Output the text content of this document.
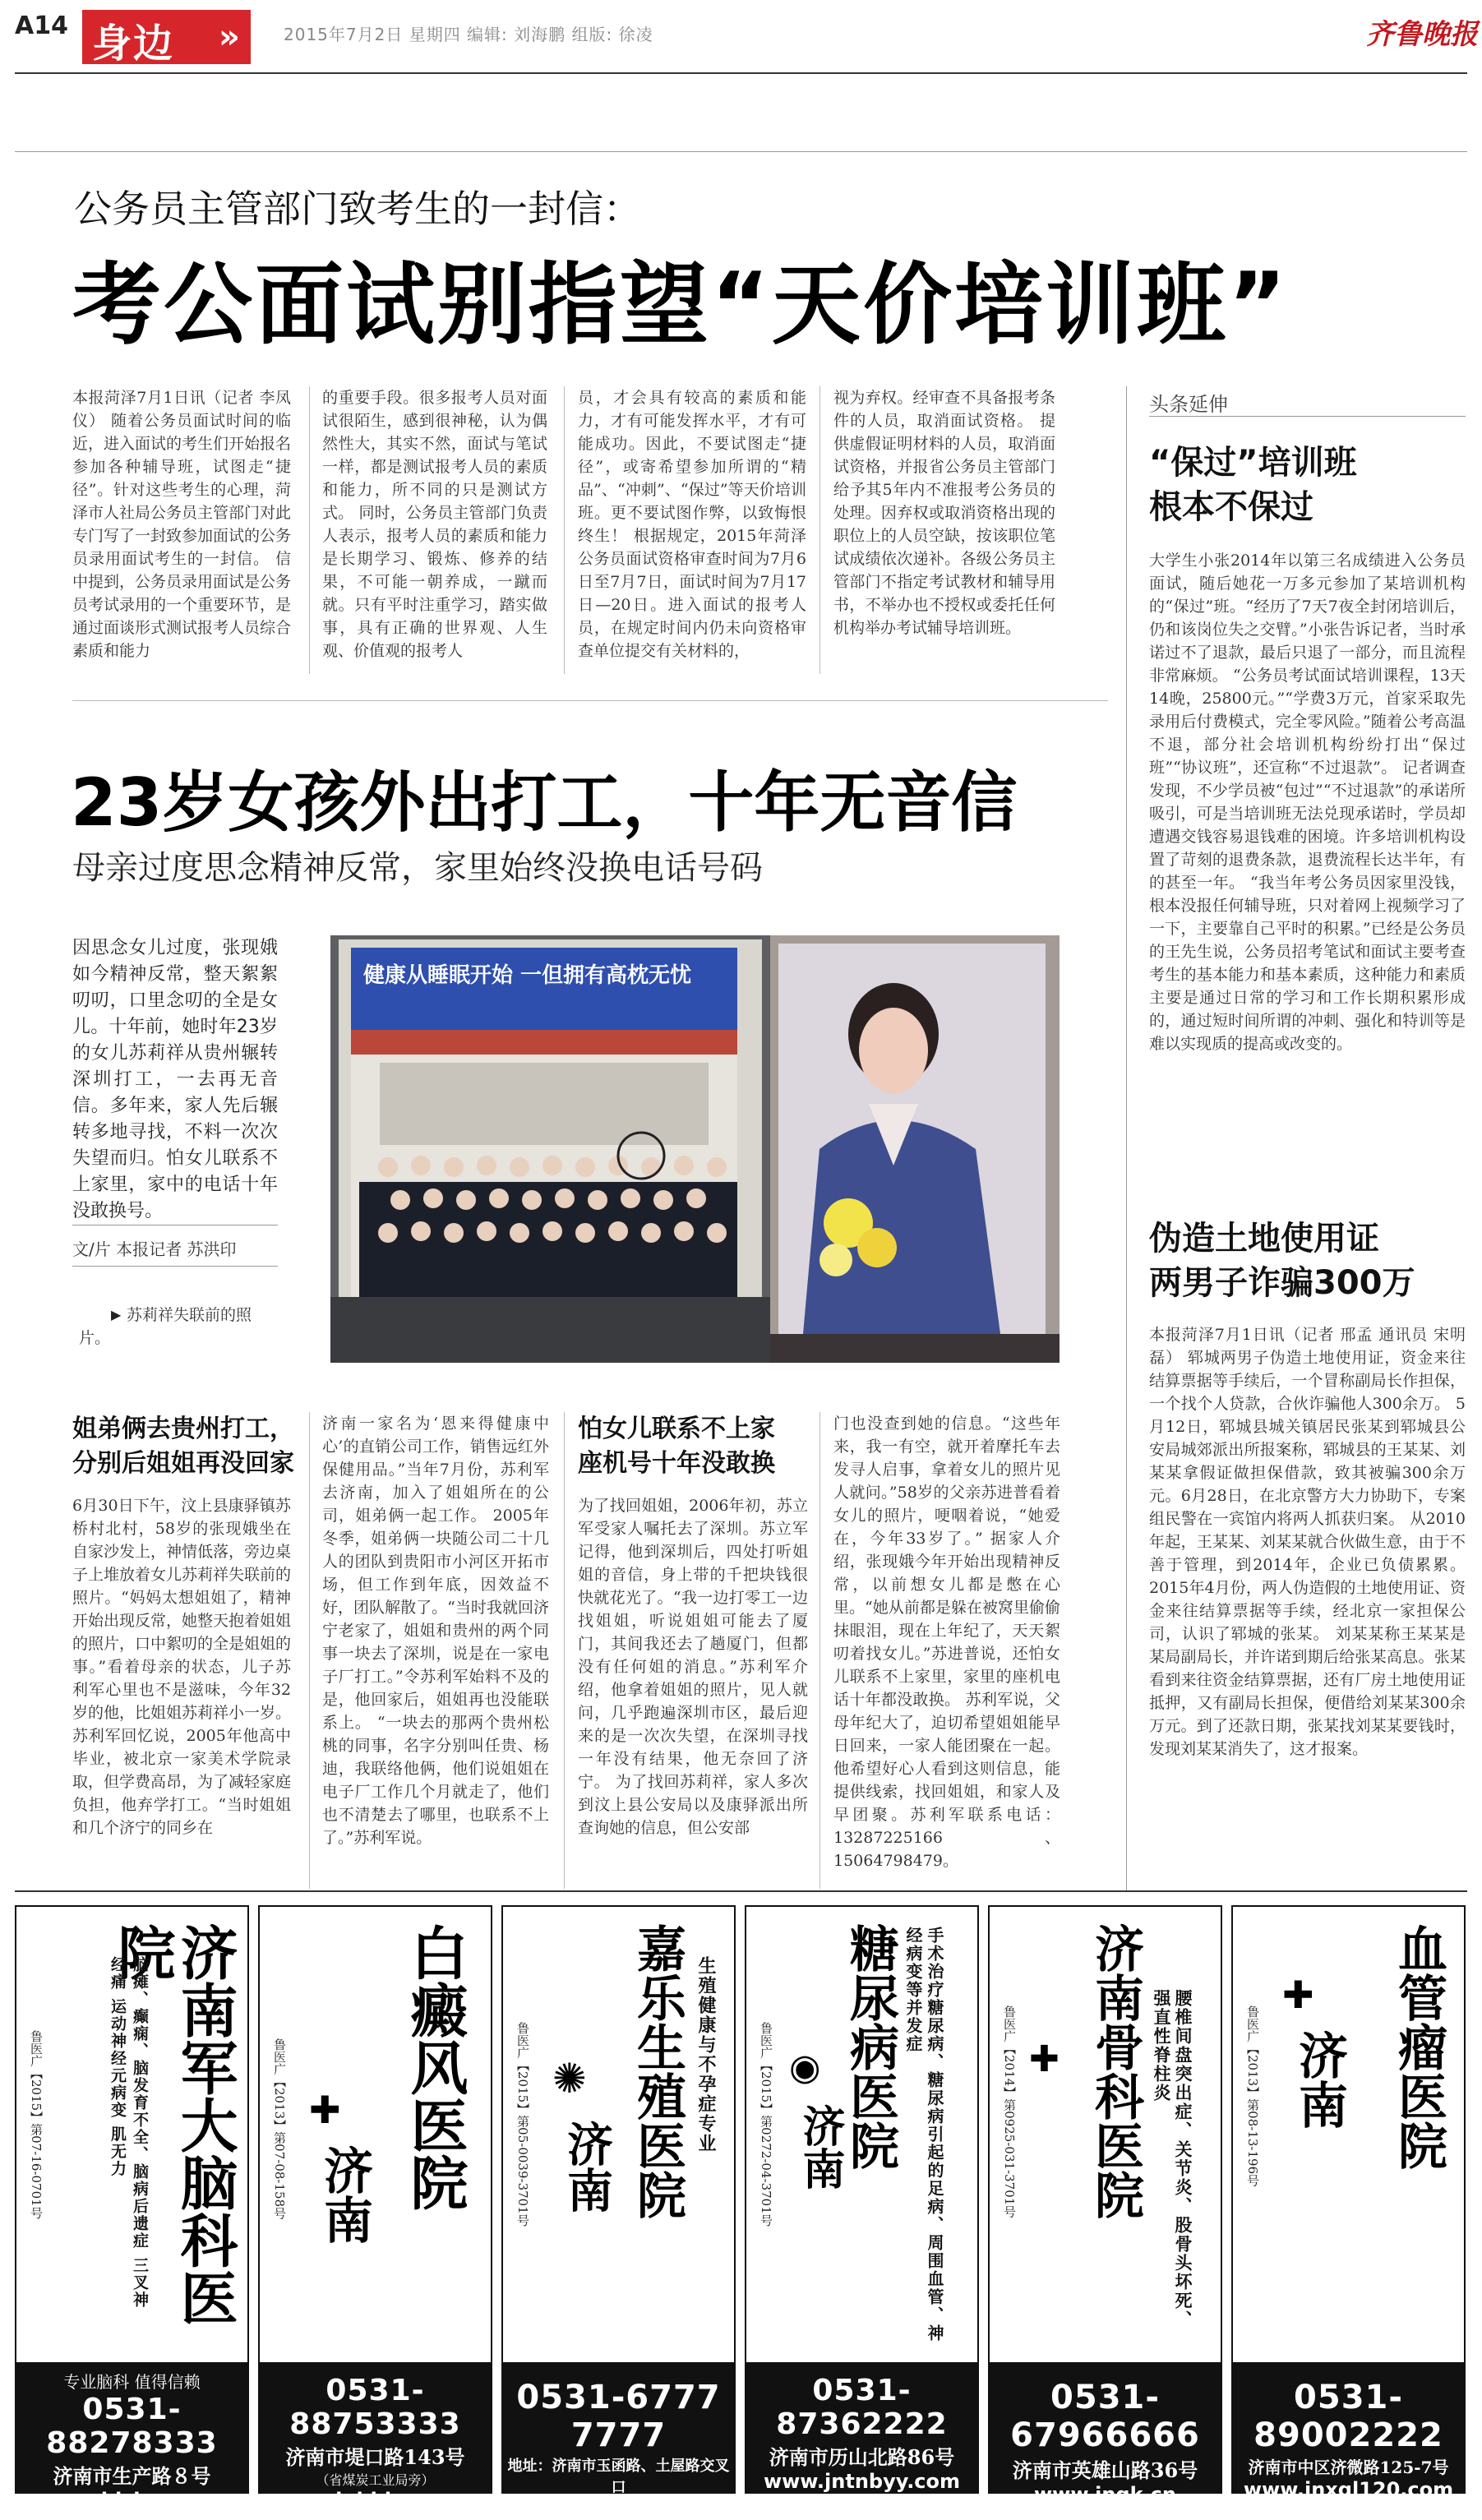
A14 身边 »	2015年7月2日 星期四 编辑: 刘海鹏 组版: 徐凌	齐鲁晚报
公务员主管部门致考生的一封信：
考公面试别指望“天价培训班”
本报菏泽7月1日讯（记者 李凤仪） 随着公务员面试时间的临近，进入面试的考生们开始报名参加各种辅导班，试图走“捷径”。针对这些考生的心理，菏泽市人社局公务员主管部门对此专门写了一封致参加面试的公务员录用面试考生的一封信。 信中提到，公务员录用面试是公务员考试录用的一个重要环节，是通过面谈形式测试报考人员综合素质和能力
的重要手段。很多报考人员对面试很陌生，感到很神秘，认为偶然性大，其实不然，面试与笔试一样，都是测试报考人员的素质和能力，所不同的只是测试方式。 同时，公务员主管部门负责人表示，报考人员的素质和能力是长期学习、锻炼、修养的结果，不可能一朝养成，一蹴而就。只有平时注重学习，踏实做事，具有正确的世界观、人生观、价值观的报考人
员，才会具有较高的素质和能力，才有可能发挥水平，才有可能成功。因此，不要试图走“捷径”，或寄希望参加所谓的“精品”、“冲刺”、“保过”等天价培训班。更不要试图作弊，以致悔恨终生！ 根据规定，2015年菏泽公务员面试资格审查时间为7月6日至7月7日，面试时间为7月17日—20日。进入面试的报考人员，在规定时间内仍未向资格审查单位提交有关材料的，
视为弃权。经审查不具备报考条件的人员，取消面试资格。 提供虚假证明材料的人员，取消面试资格，并报省公务员主管部门给予其5年内不准报考公务员的处理。因弃权或取消资格出现的职位上的人员空缺，按该职位笔试成绩依次递补。各级公务员主管部门不指定考试教材和辅导用书，不举办也不授权或委托任何机构举办考试辅导培训班。
头条延伸
“保过”培训班
根本不保过
大学生小张2014年以第三名成绩进入公务员面试，随后她花一万多元参加了某培训机构的“保过”班。“经历了7天7夜全封闭培训后，仍和该岗位失之交臂。”小张告诉记者，当时承诺过不了退款，最后只退了一部分，而且流程非常麻烦。 “公务员考试面试培训课程，13天14晚，25800元。”“学费3万元，首家采取先录用后付费模式，完全零风险。”随着公考高温不退，部分社会培训机构纷纷打出“保过班”“协议班”，还宣称“不过退款”。 记者调查发现，不少学员被“包过”“不过退款”的承诺所吸引，可是当培训班无法兑现承诺时，学员却遭遇交钱容易退钱难的困境。许多培训机构设置了苛刻的退费条款，退费流程长达半年，有的甚至一年。 “我当年考公务员因家里没钱，根本没报任何辅导班，只对着网上视频学习了一下，主要靠自己平时的积累。”已经是公务员的王先生说，公务员招考笔试和面试主要考查考生的基本能力和基本素质，这种能力和素质主要是通过日常的学习和工作长期积累形成的，通过短时间所谓的冲刺、强化和特训等是难以实现质的提高或改变的。
伪造土地使用证
两男子诈骗300万
本报菏泽7月1日讯（记者 邢孟 通讯员 宋明磊） 郓城两男子伪造土地使用证，资金来往结算票据等手续后，一个冒称副局长作担保，一个找个人贷款，合伙诈骗他人300余万。 5月12日，郓城县城关镇居民张某到郓城县公安局城郊派出所报案称，郓城县的王某某、刘某某拿假证做担保借款，致其被骗300余万元。6月28日，在北京警方大力协助下，专案组民警在一宾馆内将两人抓获归案。 从2010年起，王某某、刘某某就合伙做生意，由于不善于管理，到2014年，企业已负债累累。2015年4月份，两人伪造假的土地使用证、资金来往结算票据等手续，经北京一家担保公司，认识了郓城的张某。 刘某某称王某某是某局副局长，并许诺到期后给张某高息。张某看到来往资金结算票据，还有厂房土地使用证抵押，又有副局长担保，便借给刘某某300余万元。到了还款日期，张某找刘某某要钱时，发现刘某某消失了，这才报案。
23岁女孩外出打工，十年无音信
母亲过度思念精神反常，家里始终没换电话号码
因思念女儿过度，张现娥如今精神反常，整天絮絮叨叨，口里念叨的全是女儿。十年前，她时年23岁的女儿苏莉祥从贵州辗转深圳打工，一去再无音信。多年来，家人先后辗转多地寻找，不料一次次失望而归。怕女儿联系不上家里，家中的电话十年没敢换号。
文/片 本报记者 苏洪印
▶ 苏莉祥失联前的照片。
健康从睡眠开始 一但拥有高枕无忧
姐弟俩去贵州打工，
分别后姐姐再没回家
6月30日下午，汶上县康驿镇苏桥村北村，58岁的张现娥坐在自家沙发上，神情低落，旁边桌子上堆放着女儿苏莉祥失联前的照片。“妈妈太想姐姐了，精神开始出现反常，她整天抱着姐姐的照片，口中絮叨的全是姐姐的事。”看着母亲的状态，儿子苏利军心里也不是滋味，今年32岁的他，比姐姐苏莉祥小一岁。 苏利军回忆说，2005年他高中毕业，被北京一家美术学院录取，但学费高昂，为了减轻家庭负担，他弃学打工。“当时姐姐和几个济宁的同乡在
济南一家名为‘恩来得健康中心’的直销公司工作，销售远红外保健用品。”当年7月份，苏利军去济南，加入了姐姐所在的公司，姐弟俩一起工作。 2005年冬季，姐弟俩一块随公司二十几人的团队到贵阳市小河区开拓市场，但工作到年底，因效益不好，团队解散了。“当时我就回济宁老家了，姐姐和贵州的两个同事一块去了深圳，说是在一家电子厂打工。”令苏利军始料不及的是，他回家后，姐姐再也没能联系上。 “一块去的那两个贵州松桃的同事，名字分别叫任贵、杨迪，我联络他俩，他们说姐姐在电子厂工作几个月就走了，他们也不清楚去了哪里，也联系不上了。”苏利军说。
怕女儿联系不上家
座机号十年没敢换
为了找回姐姐，2006年初，苏立军受家人嘱托去了深圳。苏立军记得，他到深圳后，四处打听姐姐的音信，身上带的千把块钱很快就花光了。“我一边打零工一边找姐姐，听说姐姐可能去了厦门，其间我还去了趟厦门，但都没有任何姐的消息。”苏利军介绍，他拿着姐姐的照片，见人就问，几乎跑遍深圳市区，最后迎来的是一次次失望，在深圳寻找一年没有结果，他无奈回了济宁。 为了找回苏莉祥，家人多次到汶上县公安局以及康驿派出所查询她的信息，但公安部
门也没查到她的信息。“这些年来，我一有空，就开着摩托车去发寻人启事，拿着女儿的照片见人就问。”58岁的父亲苏进普看着女儿的照片，哽咽着说，“她爱在，今年33岁了。” 据家人介绍，张现娥今年开始出现精神反常，以前想女儿都是憋在心里。“她从前都是躲在被窝里偷偷抹眼泪，现在上年纪了，天天絮叨着找女儿。”苏进普说，还怕女儿联系不上家里，家里的座机电话十年都没敢换。 苏利军说，父母年纪大了，迫切希望姐姐能早日回来，一家人能团聚在一起。他希望好心人看到这则信息，能提供线索，找回姐姐，和家人及早团聚。苏利军联系电话：13287225166、15064798479。
济南军大脑科医院
脑瘫、癫痫、脑发育不全、脑病后遗症 三叉神经痛 运动神经元病变 肌无力
鲁医广【2015】第07-16-0701号
专业脑科 值得信赖
0531-88278333
济南市生产路８号
www.jdzkyy.com
白癜风医院
✚
济南
鲁医广【2013】第07-08-158号
0531-88753333
济南市堤口路143号
（省煤炭工业局旁）
www.jnbbbyy.com
嘉乐生殖医院 生殖健康与不孕症专业
✺
济南
鲁医广【2015】第05-0039-3701号
0531-6777 7777
地址：济南市玉函路、土屋路交叉口
www.jn1212.com
糖尿病医院	手术治疗糖尿病、糖尿病引起的足病、周围血管、神经病变等并发症
◉
济南
鲁医广【2015】第0272-04-3701号
0531-87362222
济南市历山北路86号
www.jntnbyy.com
济南骨科医院	腰椎间盘突出症、关节炎、股骨头坏死、强直性脊柱炎
✚
鲁医广【2014】第0925-031-3701号
0531-67966666
济南市英雄山路36号
www.jngk.cn
血管瘤医院
✚
济南
鲁医广【2013】第08-13-196号
0531-89002222
济南市中区济微路125-7号
www.jnxgl120.com
